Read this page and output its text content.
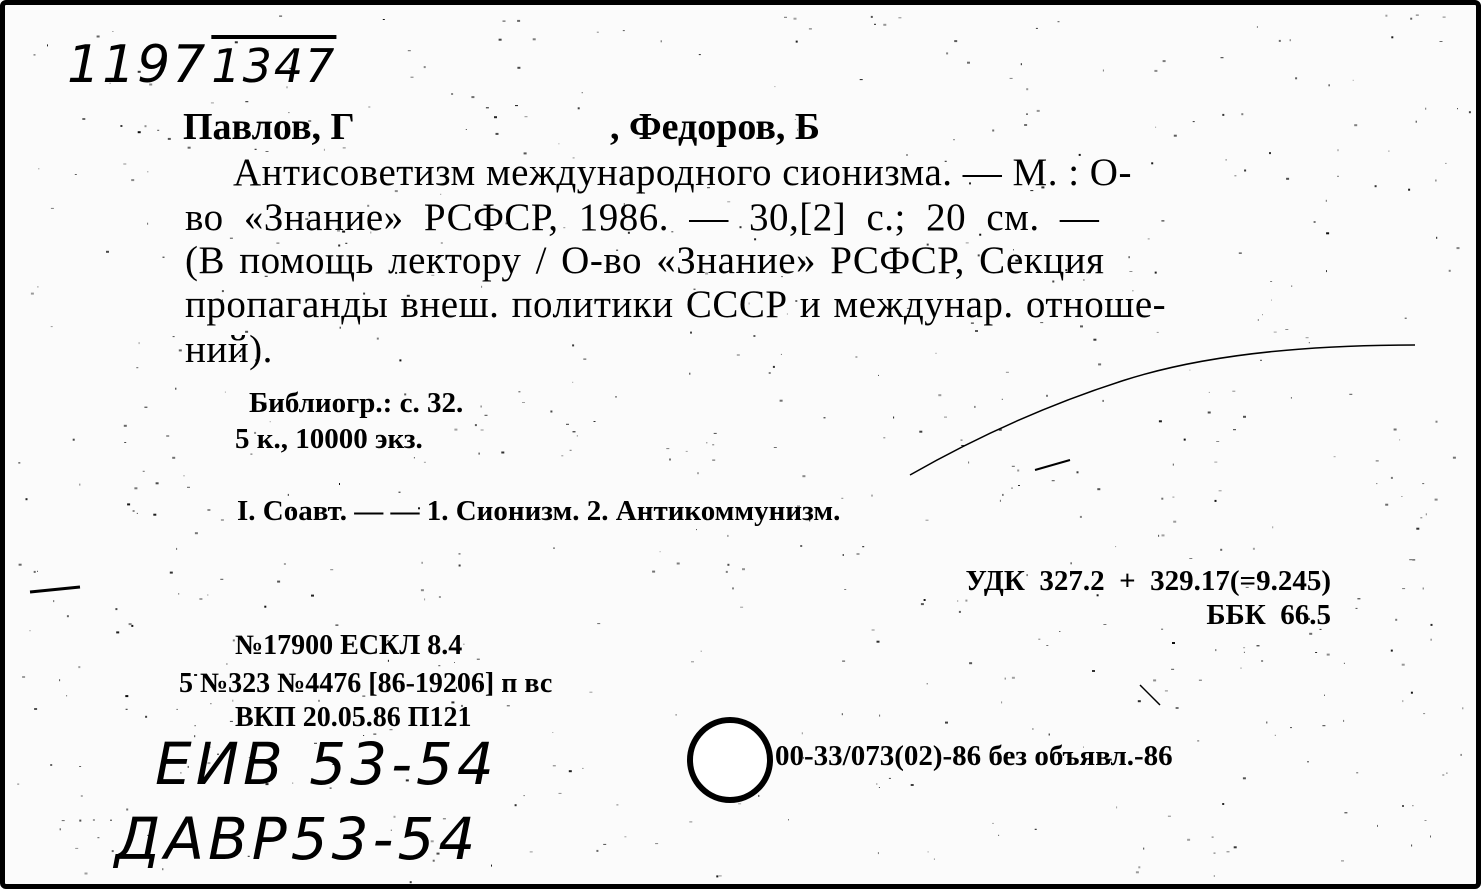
11971347
Павлов, Г	, Федоров, Б
Антисоветизм международного сионизма. — М. : О-
во «Знание» РСФСР, 1986. — 30,[2] с.; 20 см. —
(В помощь лектору / О-во «Знание» РСФСР, Секция
пропаганды внеш. политики СССР и междунар. отноше-
ний).
Библиогр.: с. 32.
5 к., 10000 экз.
I. Соавт. — — 1. Сионизм. 2. Антикоммунизм.
УДК  327.2  +  329.17(=9.245)
ББК  66.5
№17900 ЕСКЛ 8.4
5 №323 №4476 [86-19206] п вс
ВКП 20.05.86 П121
ЕИВ 53-54
ДАВР53-54
00-33/073(02)-86 без объявл.-86
